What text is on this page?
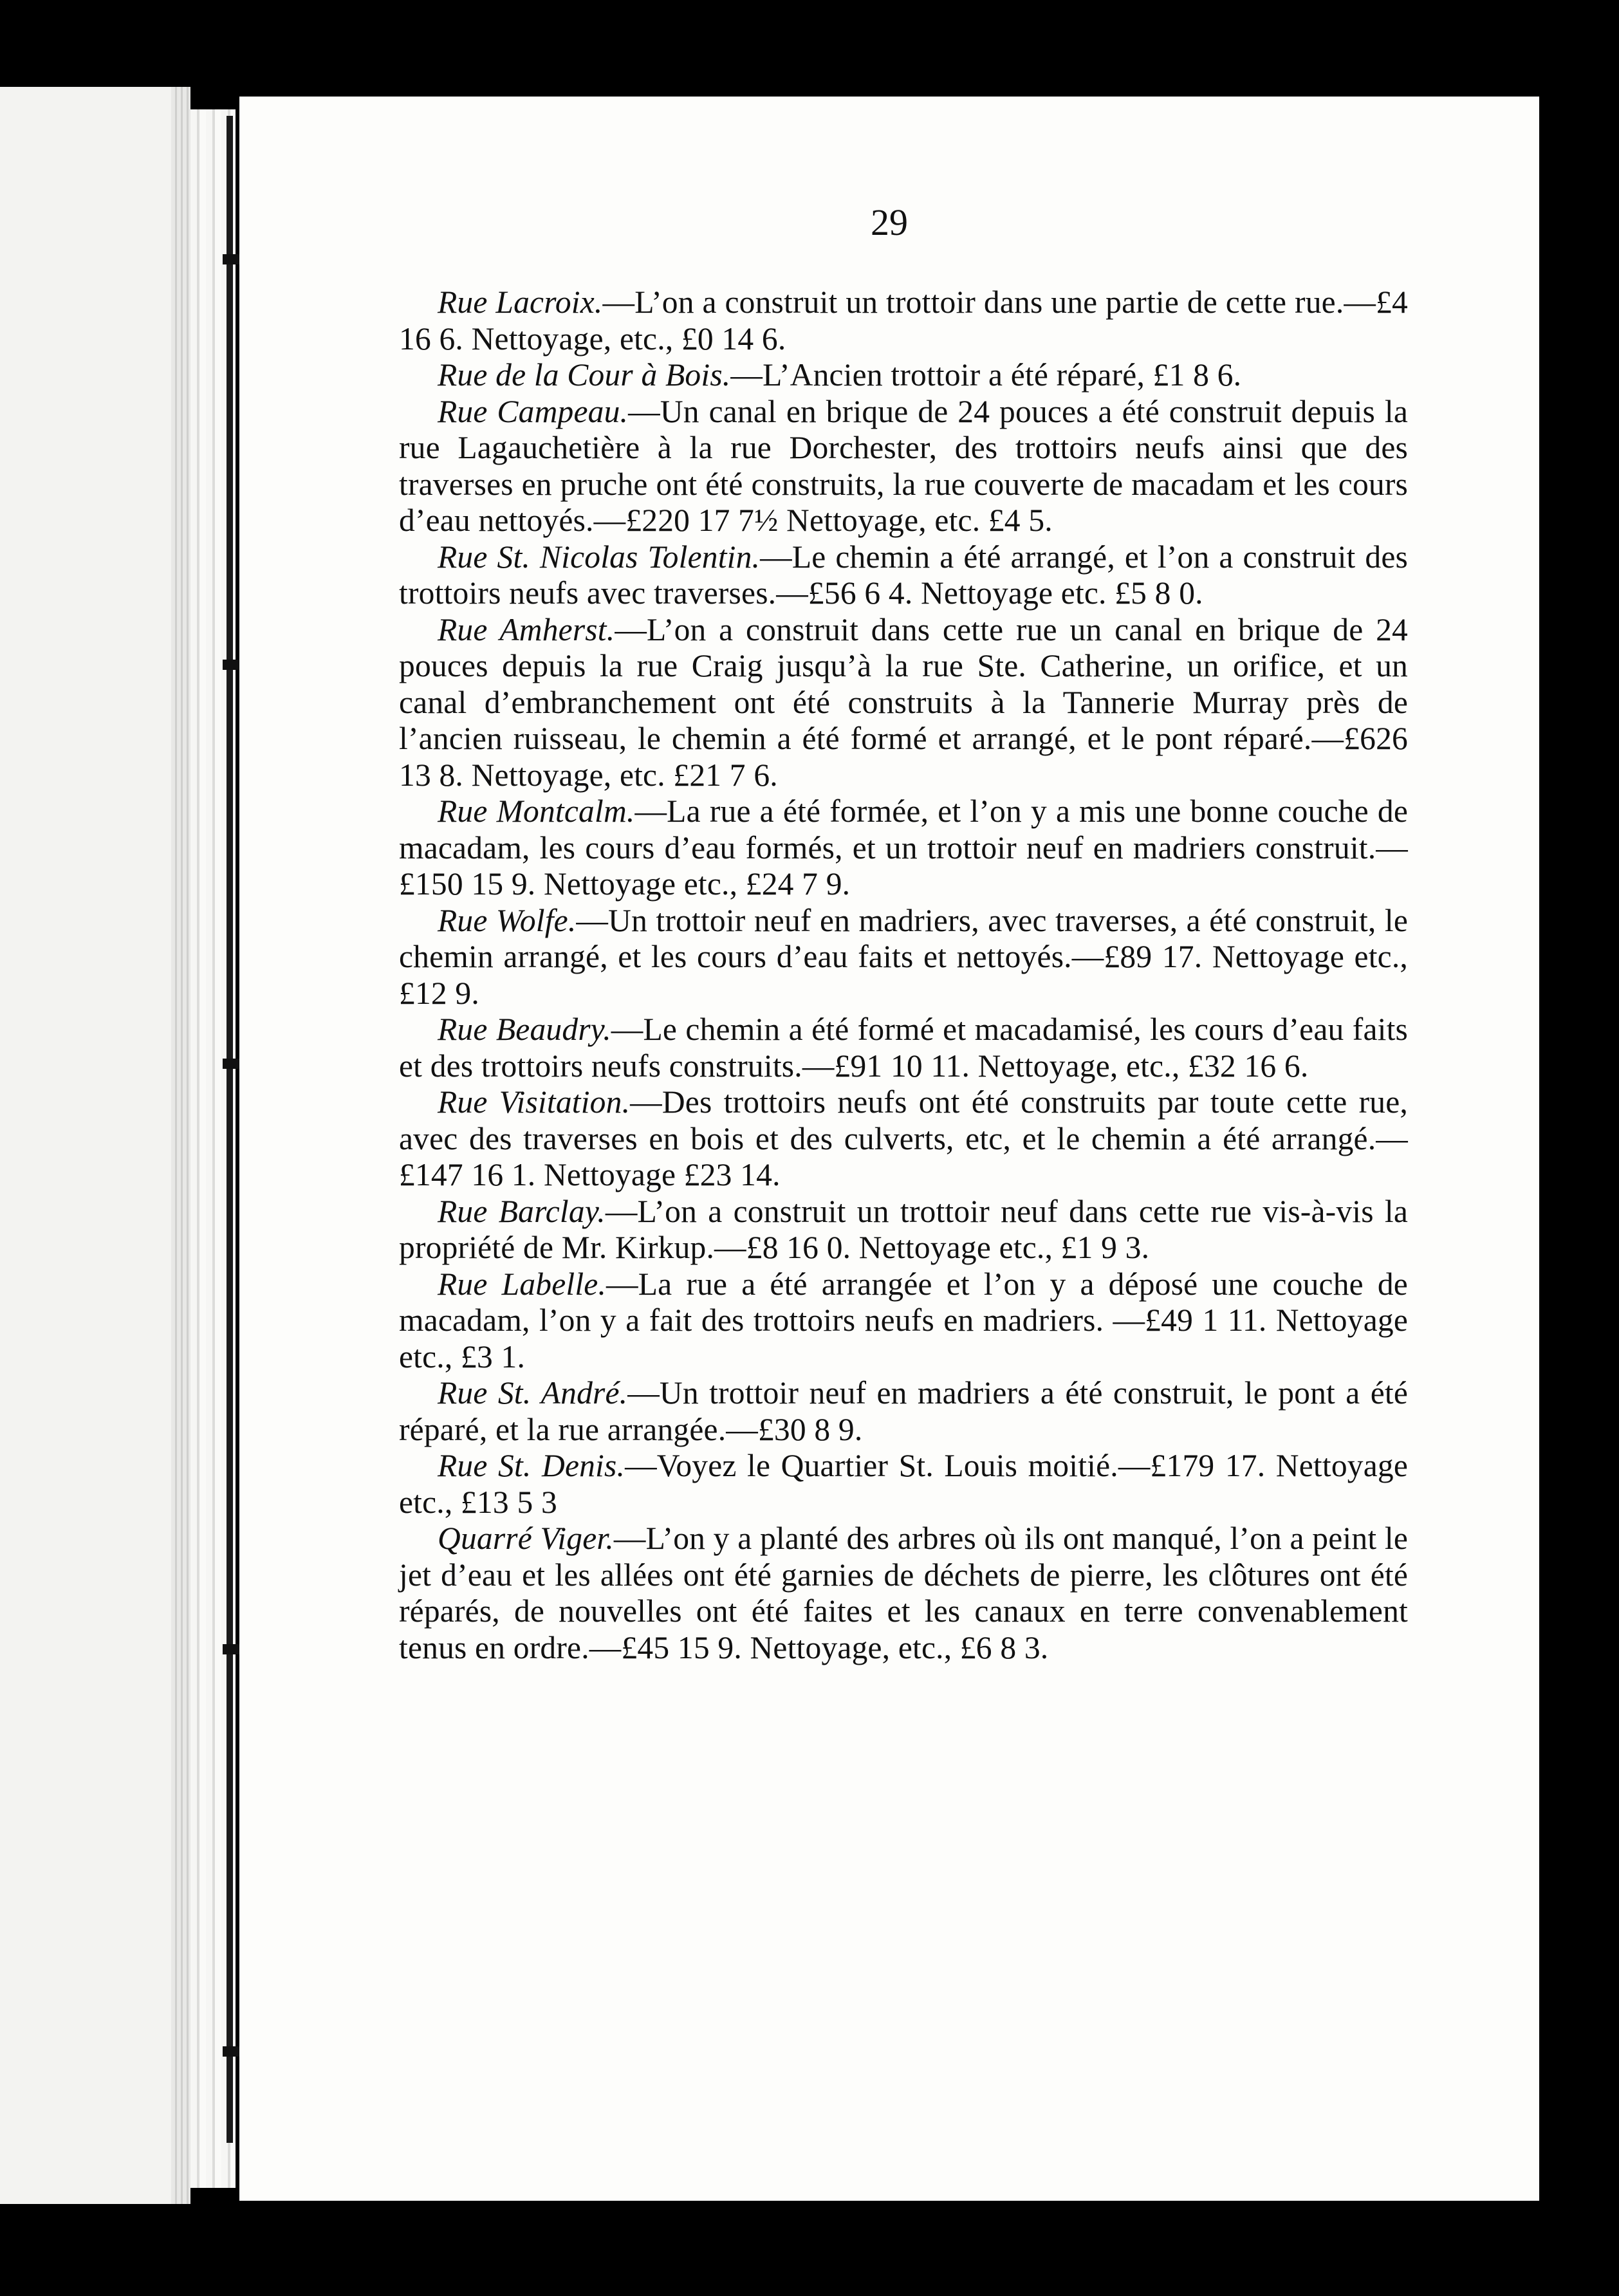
29

Rue Lacroix.—L’on a construit un trottoir dans une partie de cette rue.—£4 16 6. Nettoyage, etc., £0 14 6.

Rue de la Cour à Bois.—L’Ancien trottoir a été réparé, £1 8 6.

Rue Campeau.—Un canal en brique de 24 pouces a été construit depuis la rue Lagauchetière à la rue Dorchester, des trottoirs neufs ainsi que des traverses en pruche ont été construits, la rue couverte de macadam et les cours d’eau nettoyés.—£220 17 7½ Nettoyage, etc. £4 5.

Rue St. Nicolas Tolentin.—Le chemin a été arrangé, et l’on a construit des trottoirs neufs avec traverses.—£56 6 4. Nettoyage etc. £5 8 0.

Rue Amherst.—L’on a construit dans cette rue un canal en brique de 24 pouces depuis la rue Craig jusqu’à la rue Ste. Catherine, un orifice, et un canal d’embranchement ont été construits à la Tannerie Murray près de l’ancien ruisseau, le chemin a été formé et arrangé, et le pont réparé.—£626 13 8. Nettoyage, etc. £21 7 6.

Rue Montcalm.—La rue a été formée, et l’on y a mis une bonne couche de macadam, les cours d’eau formés, et un trottoir neuf en madriers construit.—£150 15 9. Nettoyage etc., £24 7 9.

Rue Wolfe.—Un trottoir neuf en madriers, avec traverses, a été construit, le chemin arrangé, et les cours d’eau faits et nettoyés.—£89 17. Nettoyage etc., £12 9.

Rue Beaudry.—Le chemin a été formé et macadamisé, les cours d’eau faits et des trottoirs neufs construits.—£91 10 11. Nettoyage, etc., £32 16 6.

Rue Visitation.—Des trottoirs neufs ont été construits par toute cette rue, avec des traverses en bois et des culverts, etc, et le chemin a été arrangé.—£147 16 1. Nettoyage £23 14.

Rue Barclay.—L’on a construit un trottoir neuf dans cette rue vis-à-vis la propriété de Mr. Kirkup.—£8 16 0. Nettoyage etc., £1 9 3.

Rue Labelle.—La rue a été arrangée et l’on y a déposé une couche de macadam, l’on y a fait des trottoirs neufs en madriers. —£49 1 11. Nettoyage etc., £3 1.

Rue St. André.—Un trottoir neuf en madriers a été construit, le pont a été réparé, et la rue arrangée.—£30 8 9.

Rue St. Denis.—Voyez le Quartier St. Louis moitié.—£179 17. Nettoyage etc., £13 5 3

Quarré Viger.—L’on y a planté des arbres où ils ont manqué, l’on a peint le jet d’eau et les allées ont été garnies de déchets de pierre, les clôtures ont été réparés, de nouvelles ont été faites et les canaux en terre convenablement tenus en ordre.—£45 15 9. Nettoyage, etc., £6 8 3.
